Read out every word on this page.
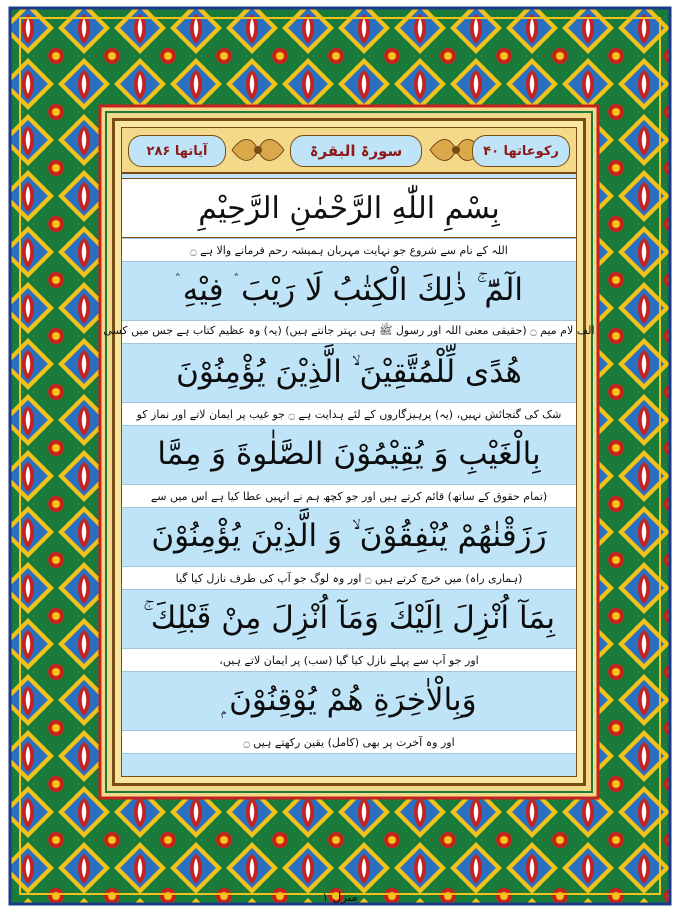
آیاتھا ۲۸۶	سورۃ البقرۃ	رکوعاتھا ۴۰
بِسْمِ اللّٰهِ الرَّحْمٰنِ الرَّحِيْمِ
اللہ کے نام سے شروع جو نہایت مہربان ہمیشہ رحم فرمانے والا ہے ۝
الٓمّٓ ۚ ذٰلِكَ الْكِتٰبُ لَا رَيْبَ ۛ فِيْهِ ۛ
الف لام میم ۝ (حقیقی معنی اللہ اور رسول ﷺ ہی بہتر جانتے ہیں) (یہ) وہ عظیم کتاب ہے جس میں کسی
هُدًى لِّلْمُتَّقِيْنَ ۙ الَّذِيْنَ يُؤْمِنُوْنَ
شک کی گنجائش نہیں، (یہ) پرہیزگاروں کے لئے ہدایت ہے ۝ جو غیب پر ایمان لاتے اور نماز کو
بِالْغَيْبِ وَ يُقِيْمُوْنَ الصَّلٰوةَ وَ مِمَّا
(تمام حقوق کے ساتھ) قائم کرتے ہیں اور جو کچھ ہم نے انہیں عطا کیا ہے اس میں سے
رَزَقْنٰهُمْ يُنْفِقُوْنَ ۙ وَ الَّذِيْنَ يُؤْمِنُوْنَ
(ہماری راہ) میں خرچ کرتے ہیں ۝ اور وہ لوگ جو آپ کی طرف نازل کیا گیا
بِمَآ اُنْزِلَ اِلَيْكَ وَمَآ اُنْزِلَ مِنْ قَبْلِكَ ۚ
اور جو آپ سے پہلے نازل کیا گیا (سب) پر ایمان لاتے ہیں،
وَبِالْاٰخِرَةِ هُمْ يُوْقِنُوْنَ ۭ
اور وہ آخرت پر بھی (کامل) یقین رکھتے ہیں ۝
منزل ۱
